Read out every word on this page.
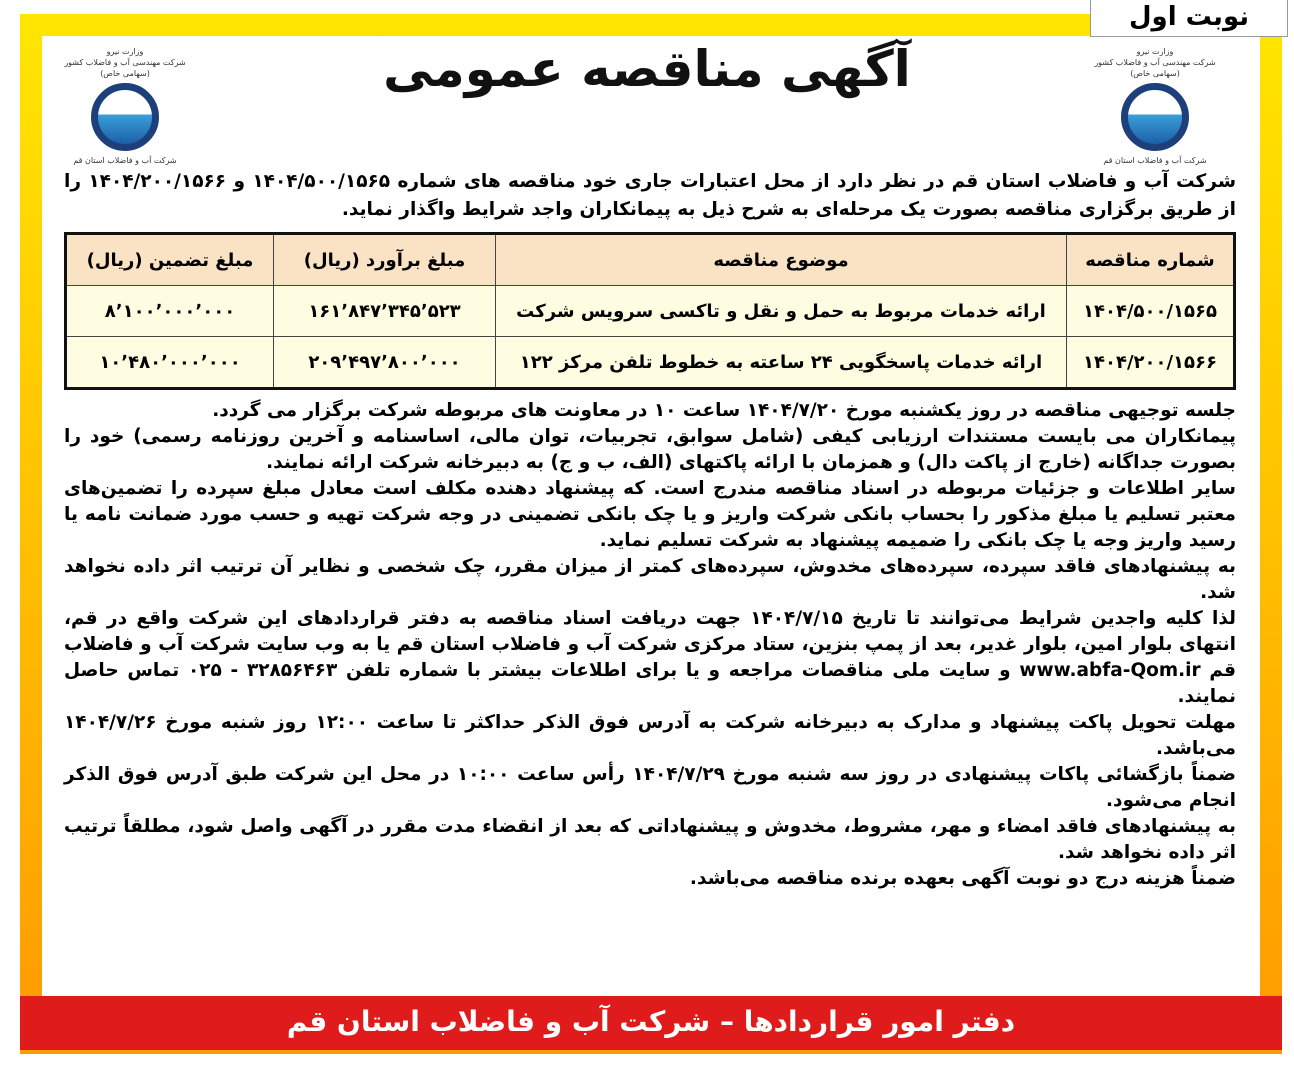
نوبت اول
وزارت نیرو
شرکت مهندسی آب و فاضلاب کشور
(سهامی خاص)
شرکت آب و فاضلاب استان قم
وزارت نیرو
شرکت مهندسی آب و فاضلاب کشور
(سهامی خاص)
شرکت آب و فاضلاب استان قم
آگهی مناقصه عمومی
شرکت آب و فاضلاب استان قم در نظر دارد از محل اعتبارات جاری خود مناقصه های شماره ۱۴۰۴/۵۰۰/۱۵۶۵ و ۱۴۰۴/۲۰۰/۱۵۶۶ را از طریق برگزاری مناقصه بصورت یک مرحله‌ای به شرح ذیل به پیمانکاران واجد شرایط واگذار نماید.
شماره مناقصه	موضوع مناقصه	مبلغ برآورد (ریال)	مبلغ تضمین (ریال)
۱۴۰۴/۵۰۰/۱۵۶۵	ارائه خدمات مربوط به حمل و نقل و تاکسی سرویس شرکت	۱۶۱٬۸۴۷٬۳۴۵٬۵۲۳	۸٬۱۰۰٬۰۰۰٬۰۰۰
۱۴۰۴/۲۰۰/۱۵۶۶	ارائه خدمات پاسخگویی ۲۴ ساعته به خطوط تلفن مرکز ۱۲۲	۲۰۹٬۴۹۷٬۸۰۰٬۰۰۰	۱۰٬۴۸۰٬۰۰۰٬۰۰۰

جلسه توجیهی مناقصه در روز یکشنبه مورخ ۱۴۰۴/۷/۲۰ ساعت ۱۰ در معاونت های مربوطه شرکت برگزار می گردد.

پیمانکاران می بایست مستندات ارزیابی کیفی (شامل سوابق، تجربیات، توان مالی، اساسنامه و آخرین روزنامه رسمی) خود را بصورت جداگانه (خارج از پاکت دال) و همزمان با ارائه پاکتهای (الف، ب و ج) به دبیرخانه شرکت ارائه نمایند.

سایر اطلاعات و جزئیات مربوطه در اسناد مناقصه مندرج است. که پیشنهاد دهنده مکلف است معادل مبلغ سپرده را تضمین‌های معتبر تسلیم یا مبلغ مذکور را بحساب بانکی شرکت واریز و یا چک بانکی تضمینی در وجه شرکت تهیه و حسب مورد ضمانت نامه یا رسید واریز وجه یا چک بانکی را ضمیمه پیشنهاد به شرکت تسلیم نماید.

به پیشنهادهای فاقد سپرده، سپرده‌های مخدوش، سپرده‌های کمتر از میزان مقرر، چک شخصی و نظایر آن ترتیب اثر داده نخواهد شد.

لذا کلیه واجدین شرایط می‌توانند تا تاریخ ۱۴۰۴/۷/۱۵ جهت دریافت اسناد مناقصه به دفتر قراردادهای این شرکت واقع در قم، انتهای بلوار امین، بلوار غدیر، بعد از پمپ بنزین، ستاد مرکزی شرکت آب و فاضلاب استان قم یا به وب سایت شرکت آب و فاضلاب قم www.abfa-Qom.ir و سایت ملی مناقصات مراجعه و یا برای اطلاعات بیشتر با شماره تلفن ۳۲۸۵۶۴۶۳ - ۰۲۵ تماس حاصل نمایند.

مهلت تحویل پاکت پیشنهاد و مدارک به دبیرخانه شرکت به آدرس فوق الذکر حداکثر تا ساعت ۱۲:۰۰ روز شنبه مورخ ۱۴۰۴/۷/۲۶ می‌باشد.

ضمناً بازگشائی پاکات پیشنهادی در روز سه شنبه مورخ ۱۴۰۴/۷/۲۹ رأس ساعت ۱۰:۰۰ در محل این شرکت طبق آدرس فوق الذکر انجام می‌شود.

به پیشنهادهای فاقد امضاء و مهر، مشروط، مخدوش و پیشنهاداتی که بعد از انقضاء مدت مقرر در آگهی واصل شود، مطلقاً ترتیب اثر داده نخواهد شد.

ضمناً هزینه درج دو نوبت آگهی بعهده برنده مناقصه می‌باشد.

دفتر امور قراردادها – شرکت آب و فاضلاب استان قم
